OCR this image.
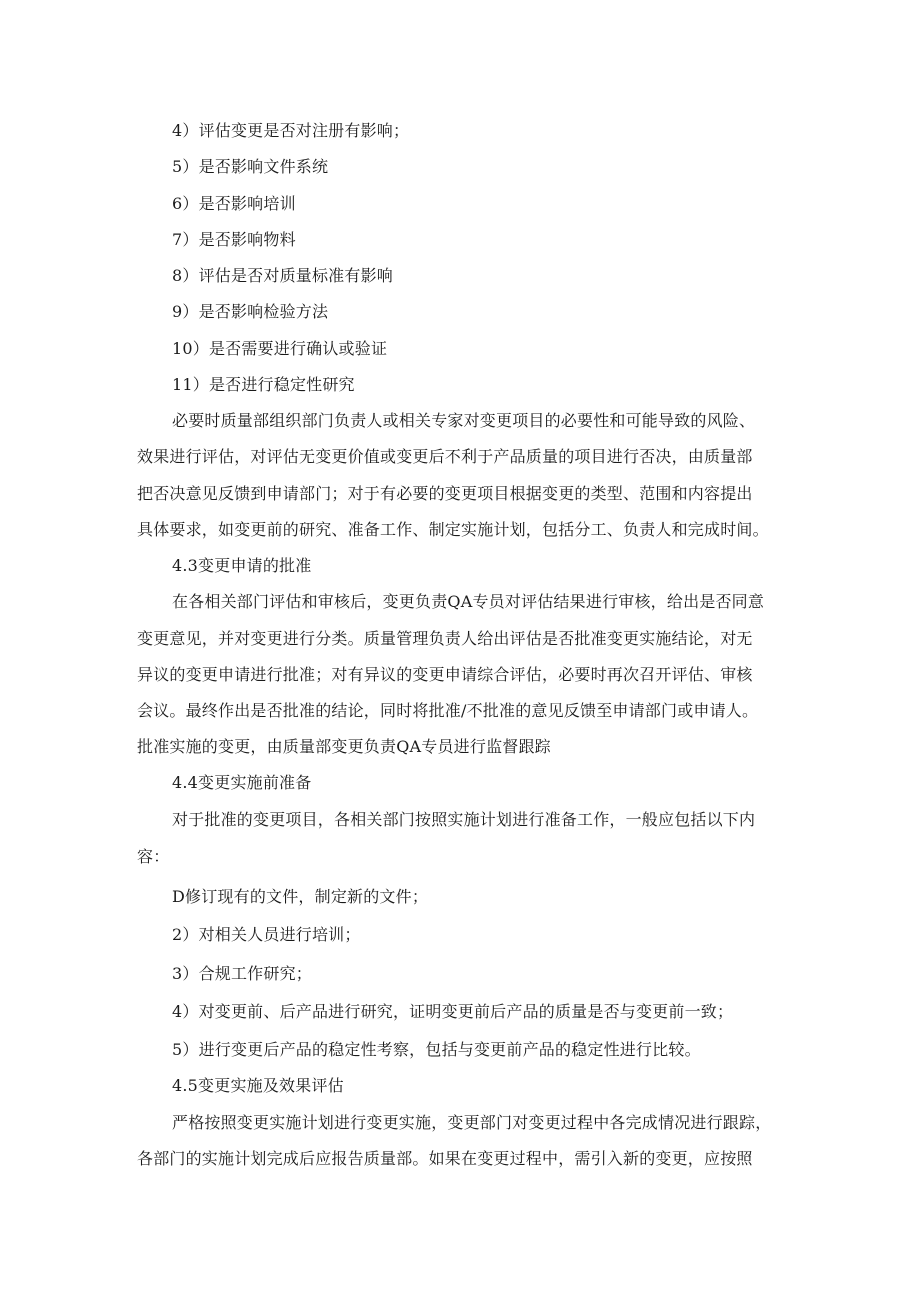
4）评估变更是否对注册有影响；
5）是否影响文件系统
6）是否影响培训
7）是否影响物料
8）评估是否对质量标准有影响
9）是否影响检验方法
10）是否需要进行确认或验证
11）是否进行稳定性研究
必要时质量部组织部门负责人或相关专家对变更项目的必要性和可能导致的风险、
效果进行评估，对评估无变更价值或变更后不利于产品质量的项目进行否决，由质量部
把否决意见反馈到申请部门；对于有必要的变更项目根据变更的类型、范围和内容提出
具体要求，如变更前的研究、准备工作、制定实施计划，包括分工、负责人和完成时间。
4.3变更申请的批准
在各相关部门评估和审核后，变更负责QA专员对评估结果进行审核，给出是否同意
变更意见，并对变更进行分类。质量管理负责人给出评估是否批准变更实施结论，对无
异议的变更申请进行批准；对有异议的变更申请综合评估，必要时再次召开评估、审核
会议。最终作出是否批准的结论，同时将批准/不批准的意见反馈至申请部门或申请人。
批准实施的变更，由质量部变更负责QA专员进行监督跟踪
4.4变更实施前准备
对于批准的变更项目，各相关部门按照实施计划进行准备工作，一般应包括以下内
容：
D修订现有的文件，制定新的文件；
2）对相关人员进行培训；
3）合规工作研究；
4）对变更前、后产品进行研究，证明变更前后产品的质量是否与变更前一致；
5）进行变更后产品的稳定性考察，包括与变更前产品的稳定性进行比较。
4.5变更实施及效果评估
严格按照变更实施计划进行变更实施，变更部门对变更过程中各完成情况进行跟踪，
各部门的实施计划完成后应报告质量部。如果在变更过程中，需引入新的变更，应按照
